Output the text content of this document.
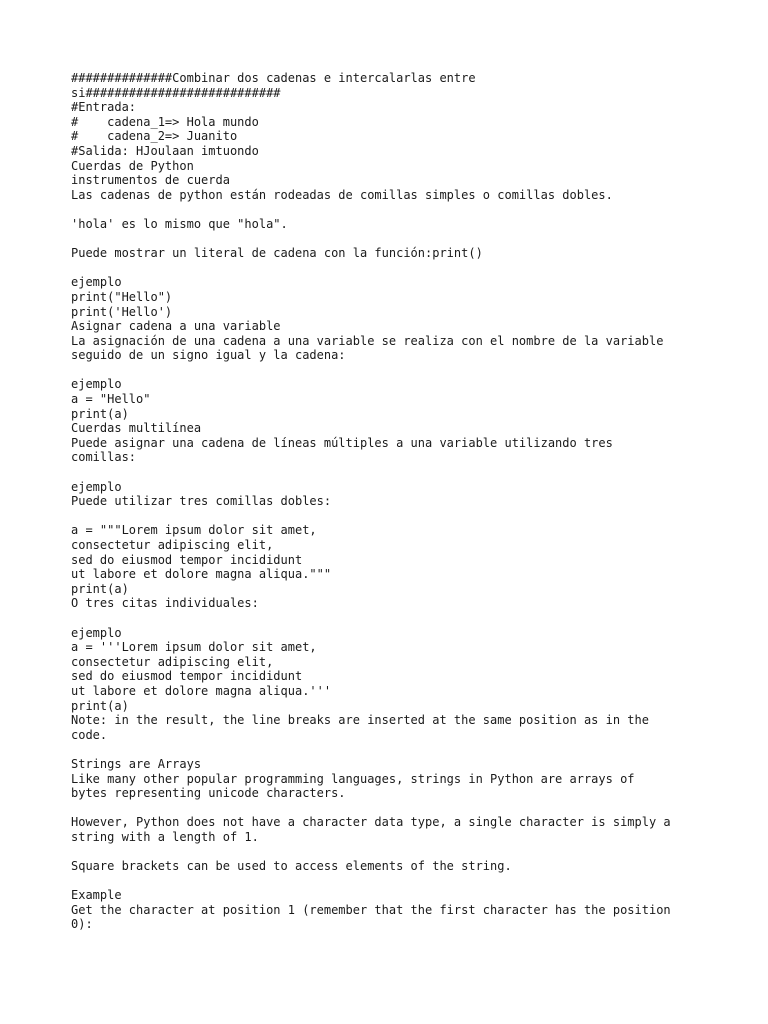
##############Combinar dos cadenas e intercalarlas entre
si###########################
#Entrada:
#    cadena_1=> Hola mundo
#    cadena_2=> Juanito
#Salida: HJoulaan imtuondo
Cuerdas de Python
instrumentos de cuerda
Las cadenas de python están rodeadas de comillas simples o comillas dobles.
'hola' es lo mismo que "hola".
Puede mostrar un literal de cadena con la función:print()
ejemplo
print("Hello")
print('Hello')
Asignar cadena a una variable
La asignación de una cadena a una variable se realiza con el nombre de la variable
seguido de un signo igual y la cadena:
ejemplo
a = "Hello"
print(a)
Cuerdas multilínea
Puede asignar una cadena de líneas múltiples a una variable utilizando tres
comillas:
ejemplo
Puede utilizar tres comillas dobles:
a = """Lorem ipsum dolor sit amet,
consectetur adipiscing elit,
sed do eiusmod tempor incididunt
ut labore et dolore magna aliqua."""
print(a)
O tres citas individuales:
ejemplo
a = '''Lorem ipsum dolor sit amet,
consectetur adipiscing elit,
sed do eiusmod tempor incididunt
ut labore et dolore magna aliqua.'''
print(a)
Note: in the result, the line breaks are inserted at the same position as in the
code.
Strings are Arrays
Like many other popular programming languages, strings in Python are arrays of
bytes representing unicode characters.
However, Python does not have a character data type, a single character is simply a
string with a length of 1.
Square brackets can be used to access elements of the string.
Example
Get the character at position 1 (remember that the first character has the position
0):
